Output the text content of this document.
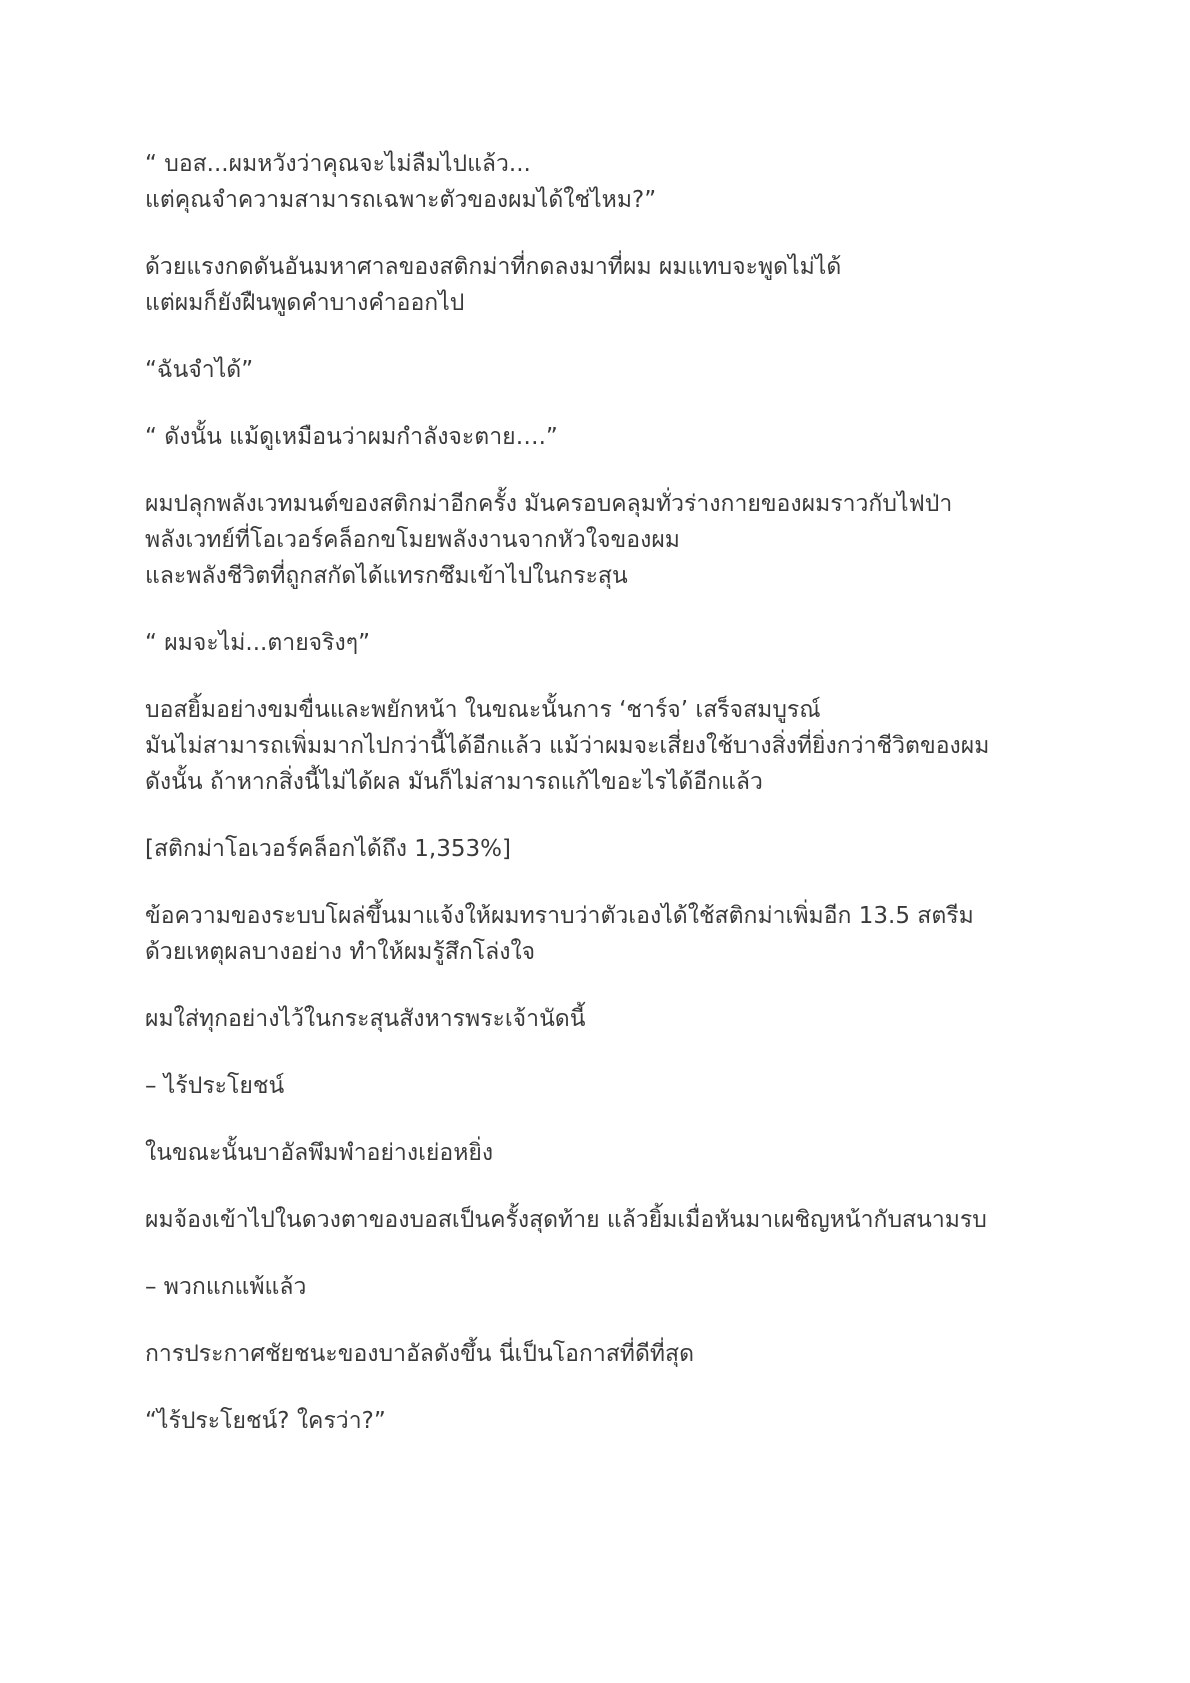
“ บอส...ผมหวังว่าคุณจะไม่ลืมไปแล้ว...
แต่คุณจำความสามารถเฉพาะตัวของผมได้ใช่ไหม?”

ด้วยแรงกดดันอันมหาศาลของสติกม่าที่กดลงมาที่ผม ผมแทบจะพูดไม่ได้
แต่ผมก็ยังฝืนพูดคำบางคำออกไป

“ฉันจำได้”

“ ดังนั้น แม้ดูเหมือนว่าผมกำลังจะตาย….”

ผมปลุกพลังเวทมนต์ของสติกม่าอีกครั้ง มันครอบคลุมทั่วร่างกายของผมราวกับไฟป่า
พลังเวทย์ที่โอเวอร์คล็อกขโมยพลังงานจากหัวใจของผม
และพลังชีวิตที่ถูกสกัดได้แทรกซึมเข้าไปในกระสุน

“ ผมจะไม่...ตายจริงๆ”

บอสยิ้มอย่างขมขื่นและพยักหน้า ในขณะนั้นการ ‘ชาร์จ’ เสร็จสมบูรณ์
มันไม่สามารถเพิ่มมากไปกว่านี้ได้อีกแล้ว แม้ว่าผมจะเสี่ยงใช้บางสิ่งที่ยิ่งกว่าชีวิตของผม
ดังนั้น ถ้าหากสิ่งนี้ไม่ได้ผล มันก็ไม่สามารถแก้ไขอะไรได้อีกแล้ว

[สติกม่าโอเวอร์คล็อกได้ถึง 1,353%]

ข้อความของระบบโผล่ขึ้นมาแจ้งให้ผมทราบว่าตัวเองได้ใช้สติกม่าเพิ่มอีก 13.5 สตรีม
ด้วยเหตุผลบางอย่าง ทำให้ผมรู้สึกโล่งใจ

ผมใส่ทุกอย่างไว้ในกระสุนสังหารพระเจ้านัดนี้

– ไร้ประโยชน์

ในขณะนั้นบาอัลพึมพำอย่างเย่อหยิ่ง

ผมจ้องเข้าไปในดวงตาของบอสเป็นครั้งสุดท้าย แล้วยิ้มเมื่อหันมาเผชิญหน้ากับสนามรบ

– พวกแกแพ้แล้ว

การประกาศชัยชนะของบาอัลดังขึ้น นี่เป็นโอกาสที่ดีที่สุด

“ไร้ประโยชน์? ใครว่า?”
